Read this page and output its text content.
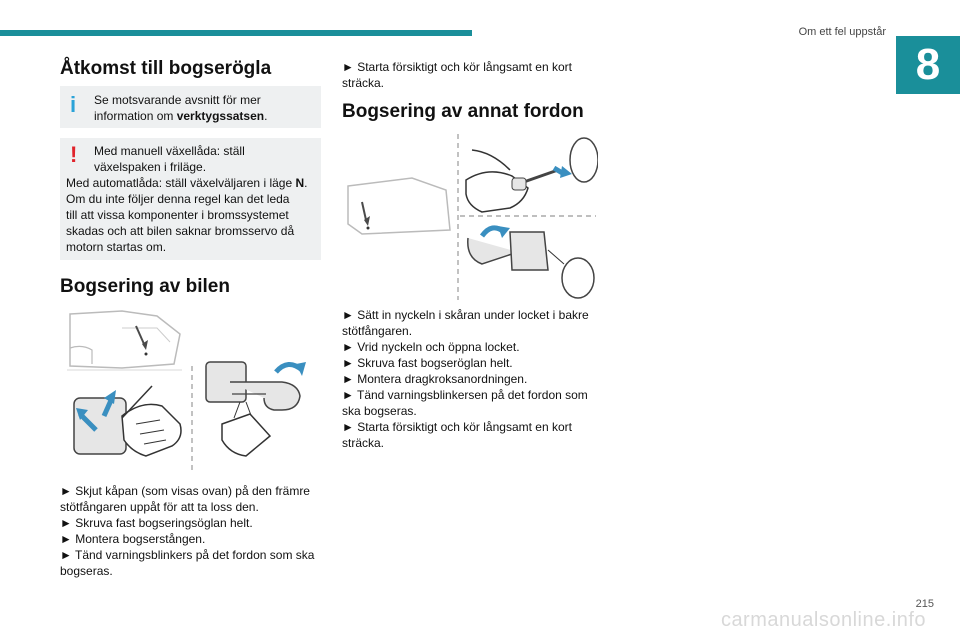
Om ett fel uppstår
8
Åtkomst till bogserögla
i	Se motsvarande avsnitt för mer
information om verktygssatsen.
!	Med manuell växellåda: ställ
växelspaken i friläge.
Med automatlåda: ställ växelväljaren i läge N.
Om du inte följer denna regel kan det leda
till att vissa komponenter i bromssystemet
skadas och att bilen saknar bromsservo då
motorn startas om.
Bogsering av bilen
► Skjut kåpan (som visas ovan) på den främre
stötfångaren uppåt för att ta loss den.
► Skruva fast bogseringsöglan helt.
► Montera bogserstången.
► Tänd varningsblinkers på det fordon som ska
bogseras.
► Starta försiktigt och kör långsamt en kort
sträcka.
Bogsering av annat fordon
► Sätt in nyckeln i skåran under locket i bakre
stötfångaren.
► Vrid nyckeln och öppna locket.
► Skruva fast bogseröglan helt.
► Montera dragkroksanordningen.
► Tänd varningsblinkersen på det fordon som
ska bogseras.
► Starta försiktigt och kör långsamt en kort
sträcka.
215
carmanualsonline.info
